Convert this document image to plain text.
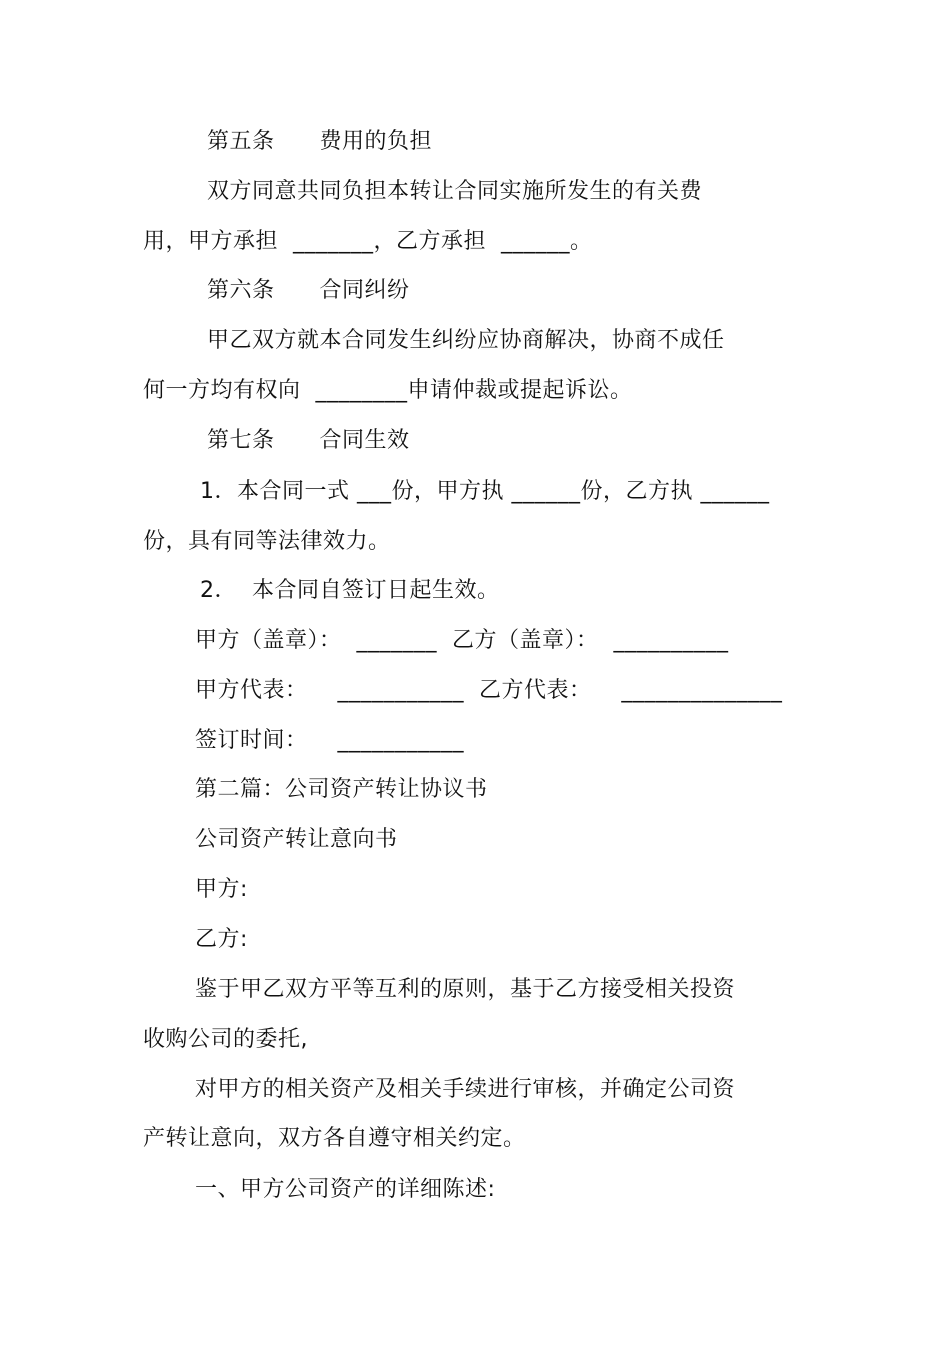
第五条      费用的负担

双方同意共同负担本转让合同实施所发生的有关费

用，甲方承担  _______，乙方承担  ______。

第六条      合同纠纷

甲乙双方就本合同发生纠纷应协商解决，协商不成任

何一方均有权向  ________申请仲裁或提起诉讼。

第七条      合同生效

1．本合同一式 ___份，甲方执 ______份，乙方执 ______

份，具有同等法律效力。

2．  本合同自签订日起生效。

甲方（盖章）：  _______  乙方（盖章）：  __________

甲方代表：    ___________  乙方代表：    ______________

签订时间：    ___________

第二篇：公司资产转让协议书

公司资产转让意向书

甲方:

乙方:

鉴于甲乙双方平等互利的原则，基于乙方接受相关投资

收购公司的委托,

对甲方的相关资产及相关手续进行审核，并确定公司资

产转让意向，双方各自遵守相关约定。

一、甲方公司资产的详细陈述:
